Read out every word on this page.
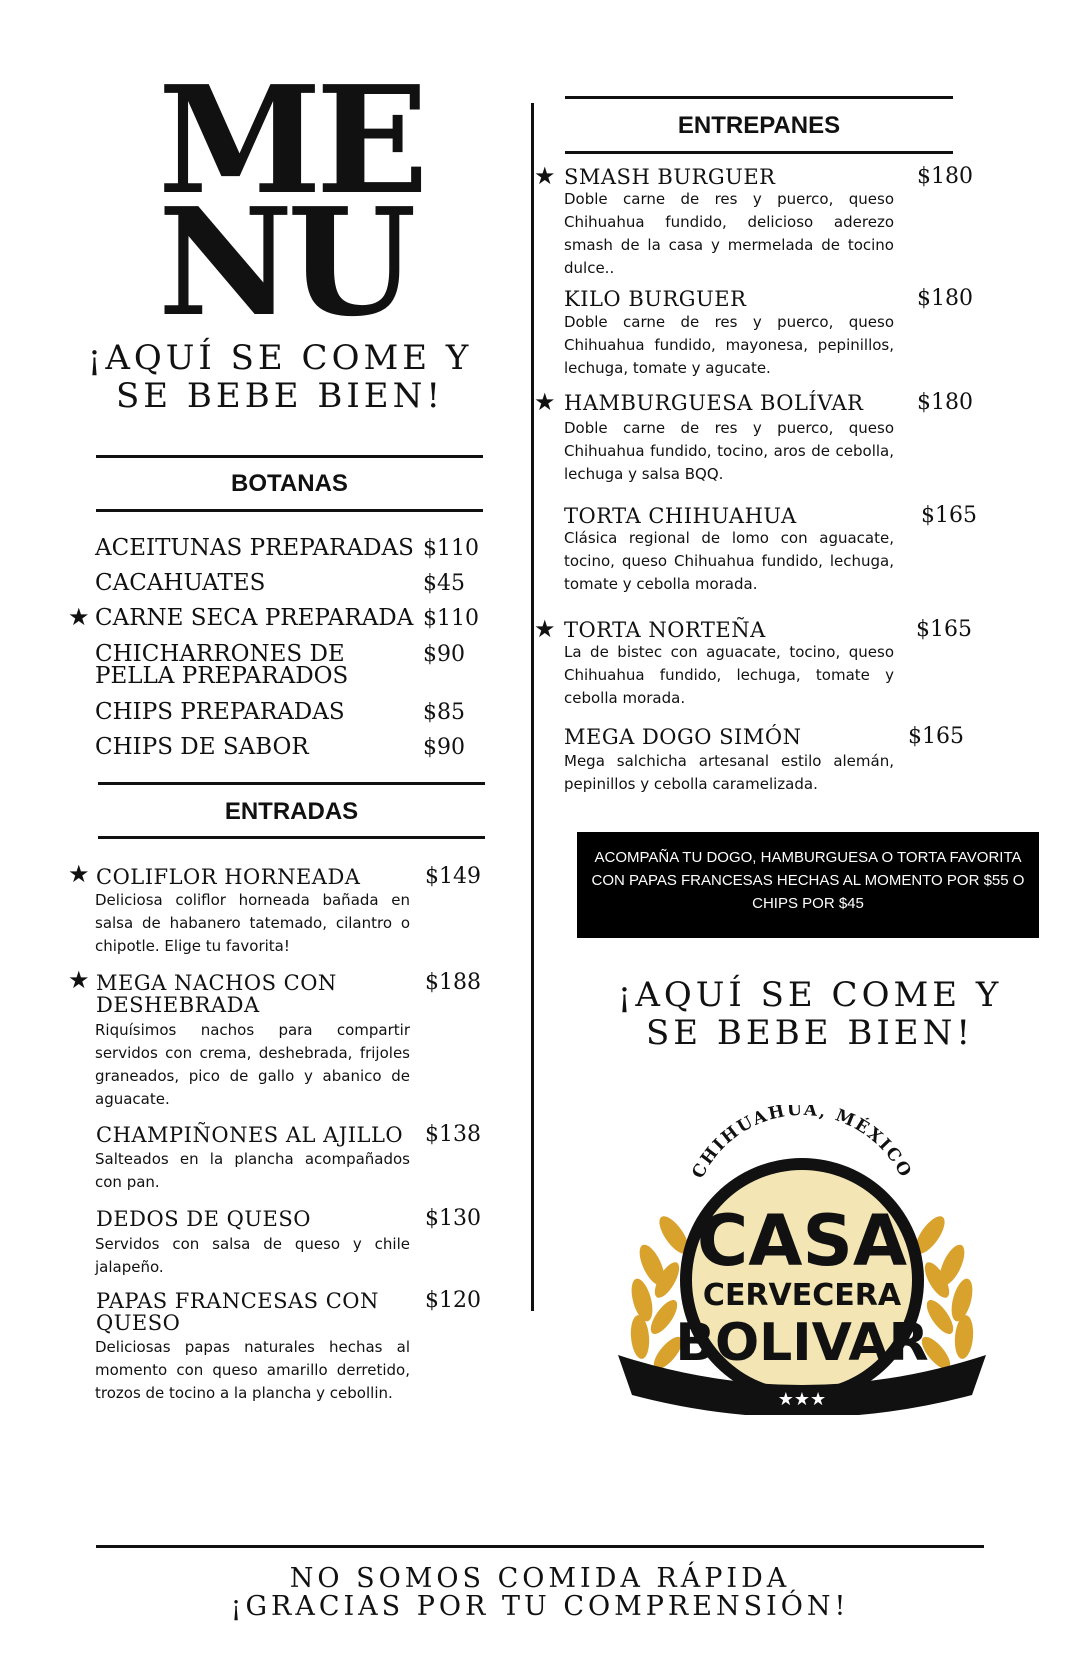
ME
NU
¡AQUÍ SE COME Y
SE BEBE BIEN!
BOTANAS
ACEITUNAS PREPARADAS $110
CACAHUATES	$45
CARNE SECA PREPARADA $110
★
CHICHARRONES DE
PELLA PREPARADOS
$90
CHIPS PREPARADAS	$85
CHIPS DE SABOR	$90
ENTRADAS
COLIFLOR HORNEADA	$149
Deliciosa coliflor horneada bañada en salsa de habanero tatemado, cilantro o chipotle. Elige tu favorita!
★
MEGA NACHOS CON
DESHEBRADA
$188
Riquísimos nachos para compartir servidos con crema, deshebrada, frijoles graneados, pico de gallo y abanico de aguacate.
★
CHAMPIÑONES AL AJILLO $138
Salteados en la plancha acompañados con pan.
DEDOS DE QUESO	$130
Servidos con salsa de queso y chile jalapeño.
PAPAS FRANCESAS CON
QUESO
$120
Deliciosas papas naturales hechas al momento con queso amarillo derretido, trozos de tocino a la plancha y cebollin.
ENTREPANES
SMASH BURGUER	$180
Doble carne de res y puerco, queso Chihuahua fundido, delicioso aderezo smash de la casa y mermelada de tocino dulce..
★
KILO BURGUER	$180
Doble carne de res y puerco, queso Chihuahua fundido, mayonesa, pepinillos, lechuga, tomate y agucate.
HAMBURGUESA BOLÍVAR	$180
Doble carne de res y puerco, queso Chihuahua fundido, tocino, aros de cebolla, lechuga y salsa BQQ.
★
TORTA CHIHUAHUA	$165
Clásica regional de lomo con aguacate, tocino, queso Chihuahua fundido, lechuga, tomate y cebolla morada.
TORTA NORTEÑA	$165
La de bistec con aguacate, tocino, queso Chihuahua fundido, lechuga, tomate y cebolla morada.
★
MEGA DOGO SIMÓN	$165
Mega salchicha artesanal estilo alemán, pepinillos y cebolla caramelizada.
ACOMPAÑA TU DOGO, HAMBURGUESA O TORTA FAVORITA CON PAPAS FRANCESAS HECHAS AL MOMENTO POR $55 O CHIPS POR $45
¡AQUÍ SE COME Y
SE BEBE BIEN!
CHIHUAHUA, MÉXICO
CASA
CERVECERA
BOLIVAR
★★★
NO SOMOS COMIDA RÁPIDA
¡GRACIAS POR TU COMPRENSIÓN!
